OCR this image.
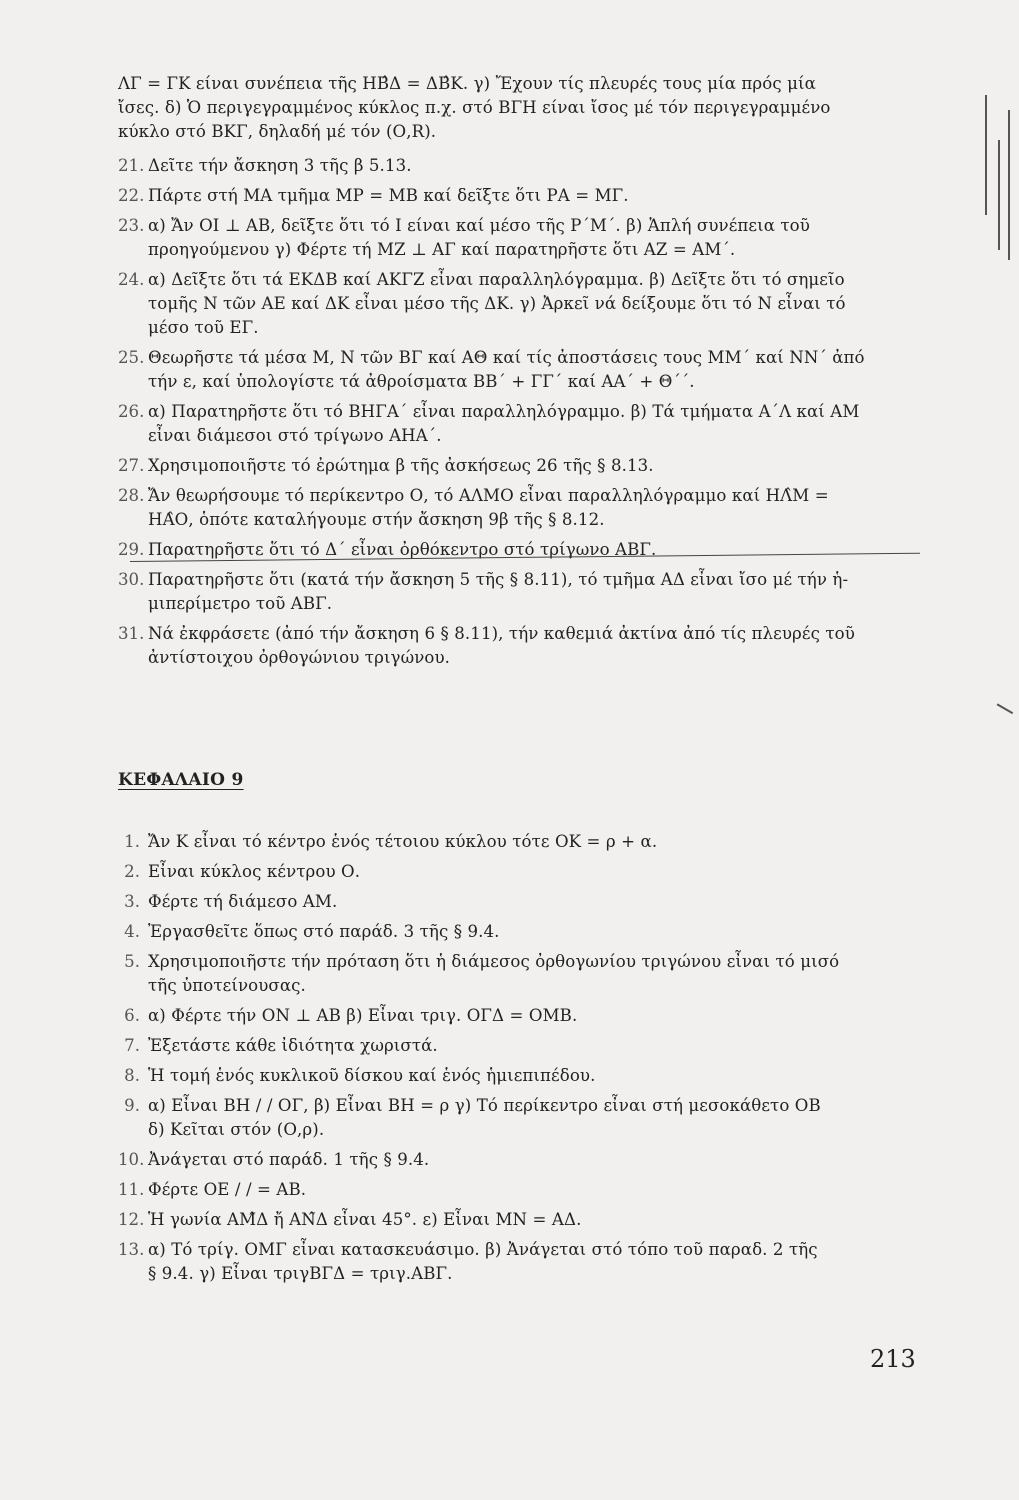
ΛΓ = ΓΚ είναι συνέπεια τῆς ΗΒ̂Δ = ΔΒ̂Κ. γ) Ἔχουν τίς πλευρές τους μία πρός μία
ἴσες. δ) Ὁ περιγεγραμμένος κύκλος π.χ. στό ΒΓΗ είναι ἴσος μέ τόν περιγεγραμμένο
κύκλο στό ΒΚΓ, δηλαδή μέ τόν (Ο,R).
21. Δεῖτε τήν ἄσκηση 3 τῆς β 5.13.
22. Πάρτε στή ΜΑ τμῆμα ΜΡ = ΜΒ καί δεῖξτε ὅτι ΡΑ = ΜΓ.
23. α) Ἄν ΟΙ ⊥ ΑΒ, δεῖξτε ὅτι τό Ι είναι καί μέσο τῆς Ρ΄Μ΄. β) Ἁπλή συνέπεια τοῦ
προηγούμενου γ) Φέρτε τή ΜΖ ⊥ ΑΓ καί παρατηρῆστε ὅτι ΑΖ = ΑΜ΄.
24. α) Δεῖξτε ὅτι τά ΕΚΔΒ καί ΑΚΓΖ εἶναι παραλληλόγραμμα. β) Δεῖξτε ὅτι τό σημεῖο
τομῆς Ν τῶν ΑΕ καί ΔΚ εἶναι μέσο τῆς ΔΚ. γ) Ἀρκεῖ νά δείξουμε ὅτι τό Ν εἶναι τό
μέσο τοῦ ΕΓ.
25. Θεωρῆστε τά μέσα Μ, Ν τῶν ΒΓ καί ΑΘ καί τίς ἀποστάσεις τους ΜΜ΄ καί ΝΝ΄ ἀπό
τήν ε, καί ὑπολογίστε τά ἀθροίσματα ΒΒ΄ + ΓΓ΄ καί ΑΑ΄ + Θ΄΄.
26. α) Παρατηρῆστε ὅτι τό ΒΗΓΑ΄ εἶναι παραλληλόγραμμο. β) Τά τμήματα Α΄Λ καί ΑΜ
εἶναι διάμεσοι στό τρίγωνο ΑΗΑ΄.
27. Χρησιμοποιῆστε τό ἐρώτημα β τῆς ἀσκήσεως 26 τῆς § 8.13.
28. Ἄν θεωρήσουμε τό περίκεντρο Ο, τό ΑΛΜΟ εἶναι παραλληλόγραμμο καί ΗΛ̂Μ =
ΗΑ̂Ο, ὁπότε καταλήγουμε στήν ἄσκηση 9β τῆς § 8.12.
29. Παρατηρῆστε ὅτι τό Δ΄ εἶναι ὀρθόκεντρο στό τρίγωνο ΑΒΓ.
30. Παρατηρῆστε ὅτι (κατά τήν ἄσκηση 5 τῆς § 8.11), τό τμῆμα ΑΔ εἶναι ἴσο μέ τήν ἡ-
μιπερίμετρο τοῦ ΑΒΓ.
31. Νά ἐκφράσετε (ἀπό τήν ἄσκηση 6 § 8.11), τήν καθεμιά ἀκτίνα ἀπό τίς πλευρές τοῦ
ἀντίστοιχου ὀρθογώνιου τριγώνου.
ΚΕΦΑΛΑΙΟ 9
1. Ἄν Κ εἶναι τό κέντρο ἑνός τέτοιου κύκλου τότε ΟΚ = ρ + α.
2. Εἶναι κύκλος κέντρου Ο.
3. Φέρτε τή διάμεσο ΑΜ.
4. Ἐργασθεῖτε ὅπως στό παράδ. 3 τῆς § 9.4.
5. Χρησιμοποιῆστε τήν πρόταση ὅτι ἡ διάμεσος ὀρθογωνίου τριγώνου εἶναι τό μισό
τῆς ὑποτείνουσας.
6. α) Φέρτε τήν ΟΝ ⊥ ΑΒ β) Εἶναι τριγ. ΟΓΔ = ΟΜΒ.
7. Ἐξετάστε κάθε ἰδιότητα χωριστά.
8. Ἡ τομή ἑνός κυκλικοῦ δίσκου καί ἑνός ἡμιεπιπέδου.
9. α) Εἶναι ΒΗ / / ΟΓ, β) Εἶναι ΒΗ = ρ γ) Τό περίκεντρο εἶναι στή μεσοκάθετο ΟΒ
δ) Κεῖται στόν (Ο,ρ).
10. Ἀνάγεται στό παράδ. 1 τῆς § 9.4.
11. Φέρτε ΟΕ / / = ΑΒ.
12. Ἡ γωνία ΑΜ̂Δ ἤ ΑΝ̂Δ εἶναι 45°. ε) Εἶναι ΜΝ = ΑΔ.
13. α) Τό τρίγ. ΟΜΓ εἶναι κατασκευάσιμο. β) Ἀνάγεται στό τόπο τοῦ παραδ. 2 τῆς
§ 9.4. γ) Εἶναι τριγΒΓΔ = τριγ.ΑΒΓ.
213
